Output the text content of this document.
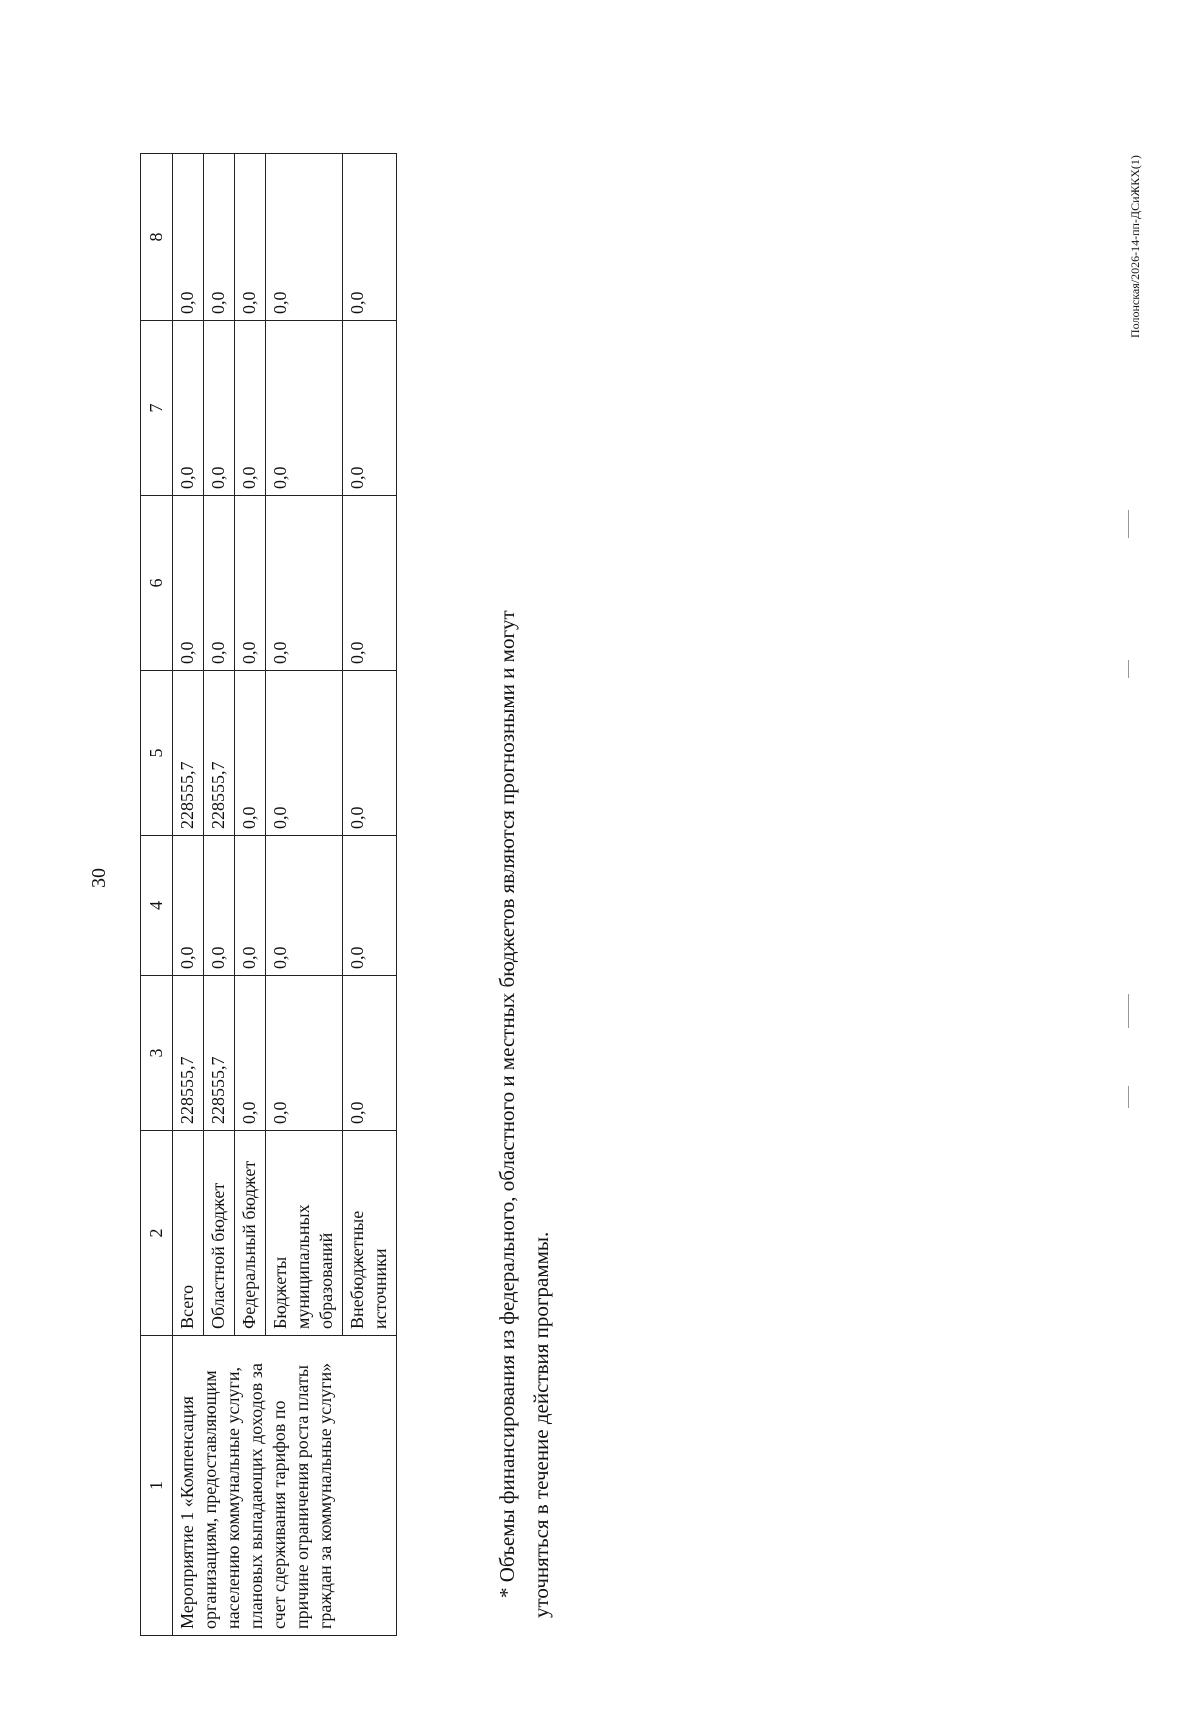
30
1	2	3	4	5	6	7	8
Мероприятие 1 «Компенсация организациям, предоставляющим населению коммунальные услуги, плановых выпадающих доходов за счет сдерживания тарифов по причине ограничения роста платы граждан за коммунальные услуги»	Всего	228555,7	0,0	228555,7	0,0	0,0	0,0
	Областной бюджет	228555,7	0,0	228555,7	0,0	0,0	0,0
	Федеральный бюджет	0,0	0,0	0,0	0,0	0,0	0,0
	Бюджеты муниципальных образований	0,0	0,0	0,0	0,0	0,0	0,0
	Внебюджетные источники	0,0	0,0	0,0	0,0	0,0	0,0
* Объемы финансирования из федерального, областного и местных бюджетов являются прогнозными и могут уточняться в течение действия программы.
Полонская/2026-14-пп-ДСиЖКХ(1)
